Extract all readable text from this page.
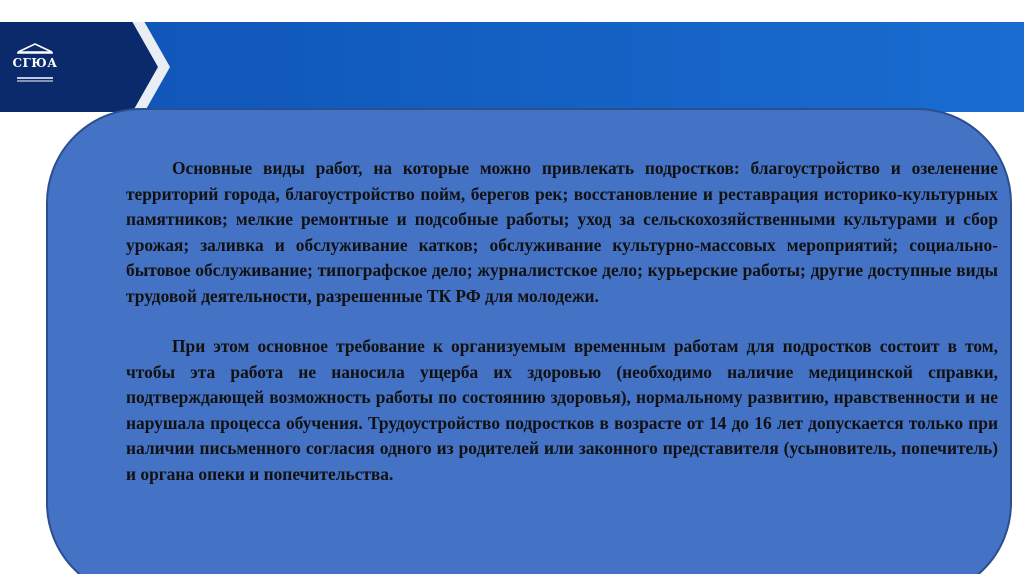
СГЮА

Основные виды работ, на которые можно привлекать подростков: благоустройство и озеленение территорий города, благоустройство пойм, берегов рек; восстановление и реставрация историко-культурных памятников; мелкие ремонтные и подсобные работы; уход за сельскохозяйственными культурами и сбор урожая; заливка и обслуживание катков; обслуживание культурно-массовых мероприятий; социально-бытовое обслуживание; типографское дело; журналистское дело; курьерские работы; другие доступные виды трудовой деятельности, разрешенные ТК РФ для молодежи.

При этом основное требование к организуемым временным работам для подростков состоит в том, чтобы эта работа не наносила ущерба их здоровью (необходимо наличие медицинской справки, подтверждающей возможность работы по состоянию здоровья), нормальному развитию, нравственности и не нарушала процесса обучения. Трудоустройство подростков в возрасте от 14 до 16 лет допускается только при наличии письменного согласия одного из родителей или законного представителя (усыновитель, попечитель) и органа опеки и попечительства.
